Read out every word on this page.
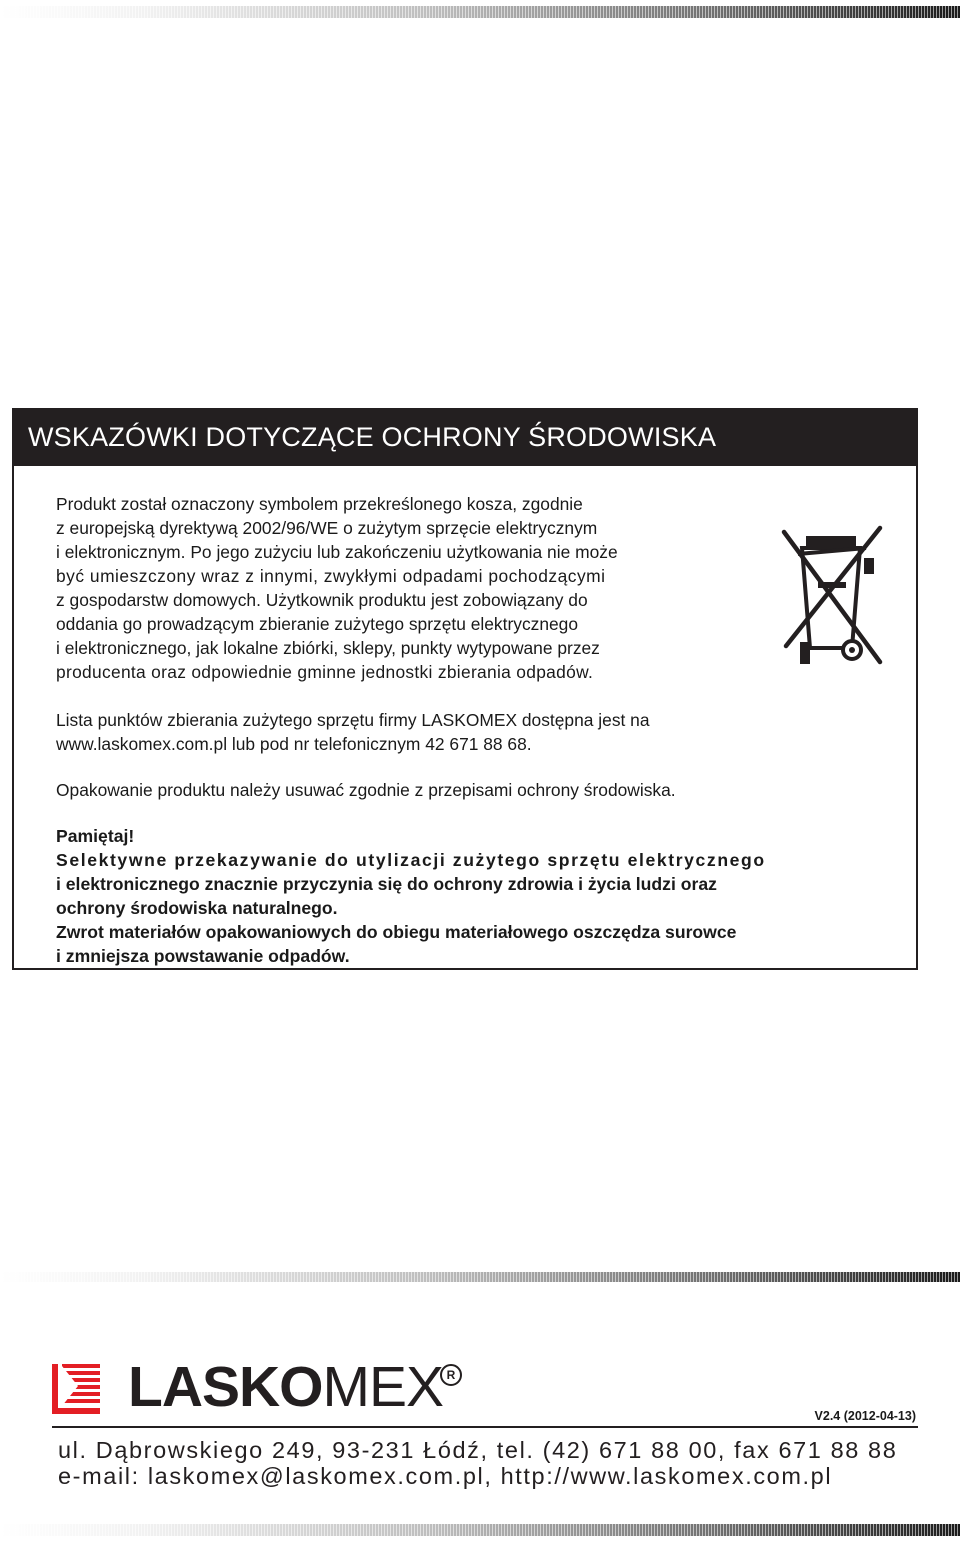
WSKAZÓWKI DOTYCZĄCE OCHRONY ŚRODOWISKA

Produkt został oznaczony symbolem przekreślonego kosza, zgodnie
z europejską dyrektywą 2002/96/WE o zużytym sprzęcie elektrycznym
i elektronicznym. Po jego zużyciu lub zakończeniu użytkowania nie może
być umieszczony wraz z innymi, zwykłymi odpadami pochodzącymi
z gospodarstw domowych. Użytkownik produktu jest zobowiązany do
oddania go prowadzącym zbieranie zużytego sprzętu elektrycznego
i elektronicznego, jak lokalne zbiórki, sklepy, punkty wytypowane przez
producenta oraz odpowiednie gminne jednostki zbierania odpadów.

Lista punktów zbierania zużytego sprzętu firmy LASKOMEX dostępna jest na
www.laskomex.com.pl lub pod nr telefonicznym 42 671 88 68.

Opakowanie produktu należy usuwać zgodnie z przepisami ochrony środowiska.

Pamiętaj!
Selektywne przekazywanie do utylizacji zużytego sprzętu elektrycznego
i elektronicznego znacznie przyczynia się do ochrony zdrowia i życia ludzi oraz
ochrony środowiska naturalnego.
Zwrot materiałów opakowaniowych do obiegu materiałowego oszczędza surowce
i zmniejsza powstawanie odpadów.

LASKOMEX R
V2.4 (2012-04-13)
ul. Dąbrowskiego 249, 93-231 Łódź, tel. (42) 671 88 00, fax 671 88 88
e-mail: laskomex@laskomex.com.pl, http://www.laskomex.com.pl
